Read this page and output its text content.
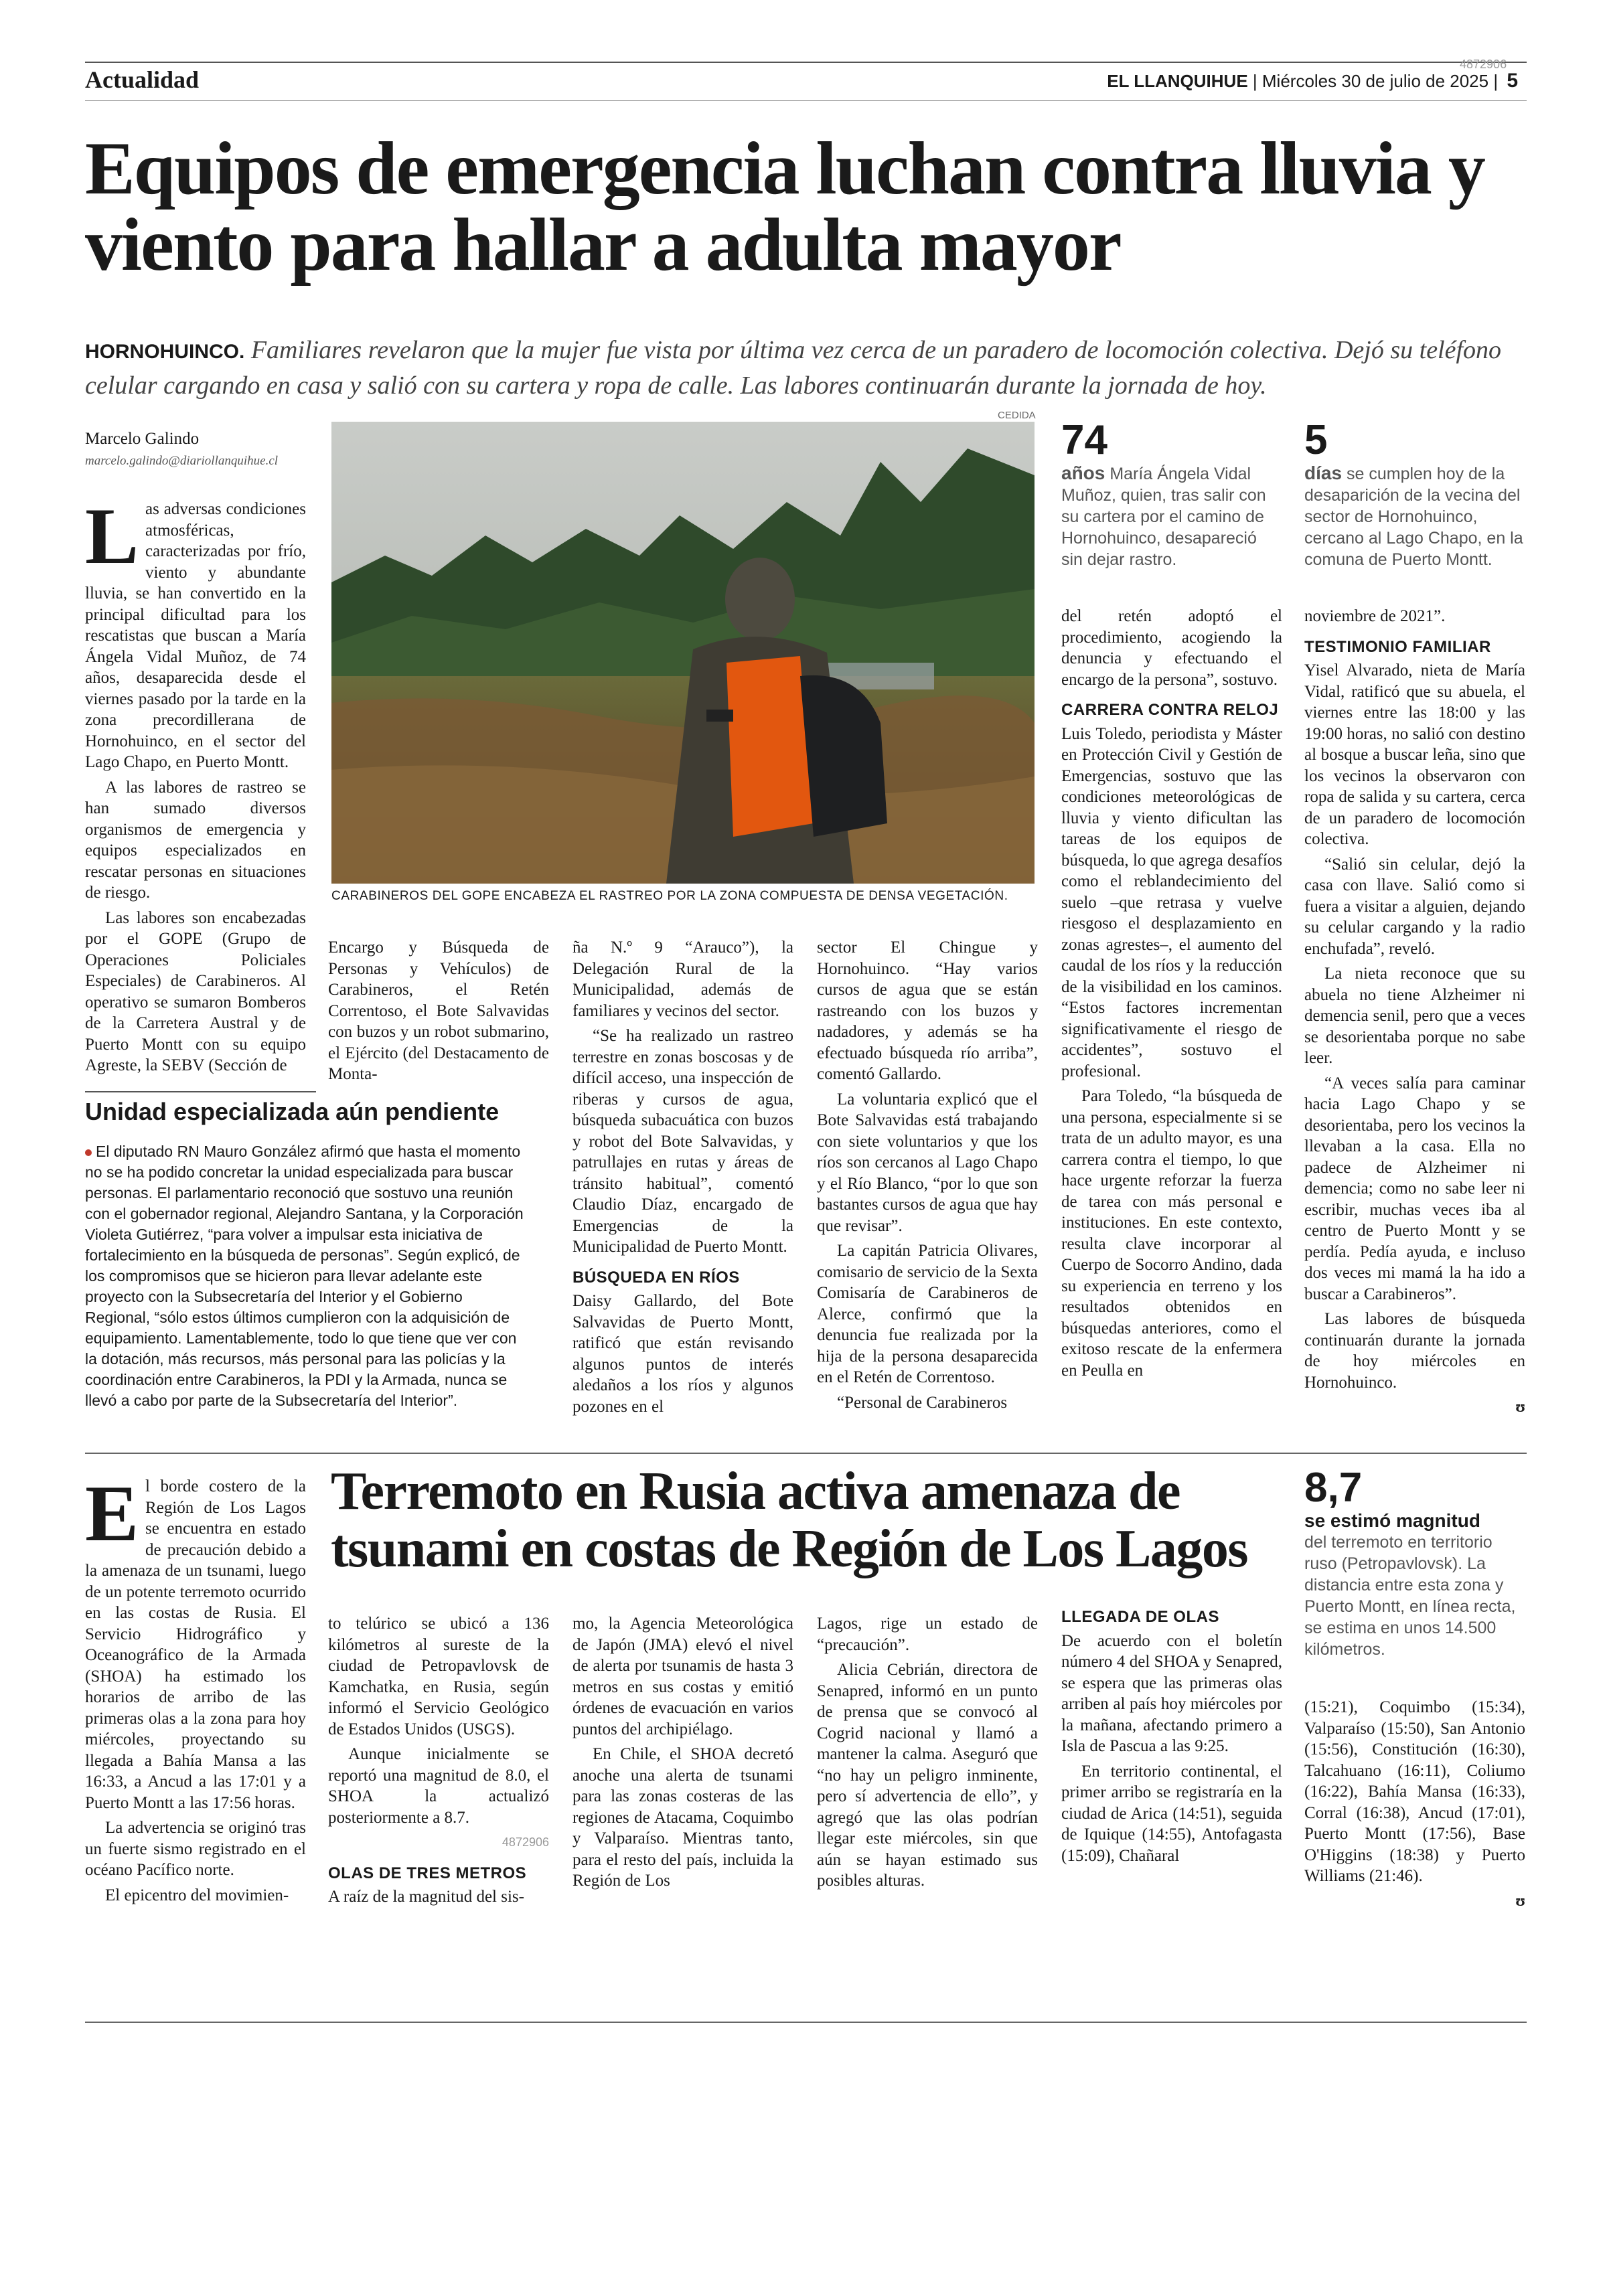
Actualidad	EL LLANQUIHUE | Miércoles 30 de julio de 2025 | 5
4872906
Equipos de emergencia luchan contra lluvia y viento para hallar a adulta mayor
HORNOHUINCO. Familiares revelaron que la mujer fue vista por última vez cerca de un paradero de locomoción colectiva. Dejó su teléfono celular cargando en casa y salió con su cartera y ropa de calle. Las labores continuarán durante la jornada de hoy.
Marcelo Galindo
marcelo.galindo@diariollanquihue.cl
L as adversas condiciones atmosféricas, caracterizadas por frío, viento y abundante lluvia, se han convertido en la principal dificultad para los rescatistas que buscan a María Ángela Vidal Muñoz, de 74 años, desaparecida desde el viernes pasado por la tarde en la zona precordillerana de Hornohuinco, en el sector del Lago Chapo, en Puerto Montt.

A las labores de rastreo se han sumado diversos organismos de emergencia y equipos especializados en rescatar personas en situaciones de riesgo.

Las labores son encabezadas por el GOPE (Grupo de Operaciones Policiales Especiales) de Carabineros. Al operativo se sumaron Bomberos de la Carretera Austral y de Puerto Montt con su equipo Agreste, la SEBV (Sección de

CEDIDA
CARABINEROS DEL GOPE ENCABEZA EL RASTREO POR LA ZONA COMPUESTA DE DENSA VEGETACIÓN.
74
años María Ángela Vidal Muñoz, quien, tras salir con su cartera por el camino de Hornohuinco, desapareció sin dejar rastro.
5
días se cumplen hoy de la desaparición de la vecina del sector de Hornohuinco, cercano al Lago Chapo, en la comuna de Puerto Montt.

Encargo y Búsqueda de Personas y Vehículos) de Carabineros, el Retén Correntoso, el Bote Salvavidas con buzos y un robot submarino, el Ejército (del Destacamento de Monta-

ña N.º 9 “Arauco”), la Delegación Rural de la Municipalidad, además de familiares y vecinos del sector.

“Se ha realizado un rastreo terrestre en zonas boscosas y de difícil acceso, una inspección de riberas y cursos de agua, búsqueda subacuática con buzos y robot del Bote Salvavidas, y patrullajes en rutas y áreas de tránsito habitual”, comentó Claudio Díaz, encargado de Emergencias de la Municipalidad de Puerto Montt.

BÚSQUEDA EN RÍOS

Daisy Gallardo, del Bote Salvavidas de Puerto Montt, ratificó que están revisando algunos puntos de interés aledaños a los ríos y algunos pozones en el

sector El Chingue y Hornohuinco. “Hay varios cursos de agua que se están rastreando con los buzos y nadadores, y además se ha efectuado búsqueda río arriba”, comentó Gallardo.

La voluntaria explicó que el Bote Salvavidas está trabajando con siete voluntarios y que los ríos son cercanos al Lago Chapo y el Río Blanco, “por lo que son bastantes cursos de agua que hay que revisar”.

La capitán Patricia Olivares, comisario de servicio de la Sexta Comisaría de Carabineros de Alerce, confirmó que la denuncia fue realizada por la hija de la persona desaparecida en el Retén de Correntoso.

“Personal de Carabineros

del retén adoptó el procedimiento, acogiendo la denuncia y efectuando el encargo de la persona”, sostuvo.

CARRERA CONTRA RELOJ

Luis Toledo, periodista y Máster en Protección Civil y Gestión de Emergencias, sostuvo que las condiciones meteorológicas de lluvia y viento dificultan las tareas de los equipos de búsqueda, lo que agrega desafíos como el reblandecimiento del suelo –que retrasa y vuelve riesgoso el desplazamiento en zonas agrestes–, el aumento del caudal de los ríos y la reducción de la visibilidad en los caminos. “Estos factores incrementan significativamente el riesgo de accidentes”, sostuvo el profesional.

Para Toledo, “la búsqueda de una persona, especialmente si se trata de un adulto mayor, es una carrera contra el tiempo, lo que hace urgente reforzar la fuerza de tarea con más personal e instituciones. En este contexto, resulta clave incorporar al Cuerpo de Socorro Andino, dada su experiencia en terreno y los resultados obtenidos en búsquedas anteriores, como el exitoso rescate de la enfermera en Peulla en

noviembre de 2021”.

TESTIMONIO FAMILIAR

Yisel Alvarado, nieta de María Vidal, ratificó que su abuela, el viernes entre las 18:00 y las 19:00 horas, no salió con destino al bosque a buscar leña, sino que los vecinos la observaron con ropa de salida y su cartera, cerca de un paradero de locomoción colectiva.

“Salió sin celular, dejó la casa con llave. Salió como si fuera a visitar a alguien, dejando su celular cargando y la radio enchufada”, reveló.

La nieta reconoce que su abuela no tiene Alzheimer ni demencia senil, pero que a veces se desorientaba porque no sabe leer.

“A veces salía para caminar hacia Lago Chapo y se desorientaba, pero los vecinos la llevaban a la casa. Ella no padece de Alzheimer ni demencia; como no sabe leer ni escribir, muchas veces iba al centro de Puerto Montt y se perdía. Pedía ayuda, e incluso dos veces mi mamá la ha ido a buscar a Carabineros”.

Las labores de búsqueda continuarán durante la jornada de hoy miércoles en Hornohuinco.

ʊ
Unidad especializada aún pendiente
El diputado RN Mauro González afirmó que hasta el momento no se ha podido concretar la unidad especializada para buscar personas. El parlamentario reconoció que sostuvo una reunión con el gobernador regional, Alejandro Santana, y la Corporación Violeta Gutiérrez, “para volver a impulsar esta iniciativa de fortalecimiento en la búsqueda de personas”. Según explicó, de los compromisos que se hicieron para llevar adelante este proyecto con la Subsecretaría del Interior y el Gobierno Regional, “sólo estos últimos cumplieron con la adquisición de equipamiento. Lamentablemente, todo lo que tiene que ver con la dotación, más recursos, más personal para las policías y la coordinación entre Carabineros, la PDI y la Armada, nunca se llevó a cabo por parte de la Subsecretaría del Interior”.
Terremoto en Rusia activa amenaza de tsunami en costas de Región de Los Lagos
8,7
se estimó magnitud
del terremoto en territorio ruso (Petropavlovsk). La distancia entre esta zona y Puerto Montt, en línea recta, se estima en unos 14.500 kilómetros.
E l borde costero de la Región de Los Lagos se encuentra en estado de precaución debido a la amenaza de un tsunami, luego de un potente terremoto ocurrido en las costas de Rusia. El Servicio Hidrográfico y Oceanográfico de la Armada (SHOA) ha estimado los horarios de arribo de las primeras olas a la zona para hoy miércoles, proyectando su llegada a Bahía Mansa a las 16:33, a Ancud a las 17:01 y a Puerto Montt a las 17:56 horas.

La advertencia se originó tras un fuerte sismo registrado en el océano Pacífico norte.

El epicentro del movimien-

to telúrico se ubicó a 136 kilómetros al sureste de la ciudad de Petropavlovsk de Kamchatka, en Rusia, según informó el Servicio Geológico de Estados Unidos (USGS).

Aunque inicialmente se reportó una magnitud de 8.0, el SHOA la actualizó posteriormente a 8.7.

4872906
OLAS DE TRES METROS

A raíz de la magnitud del sis-

mo, la Agencia Meteorológica de Japón (JMA) elevó el nivel de alerta por tsunamis de hasta 3 metros en sus costas y emitió órdenes de evacuación en varios puntos del archipiélago.

En Chile, el SHOA decretó anoche una alerta de tsunami para las zonas costeras de las regiones de Atacama, Coquimbo y Valparaíso. Mientras tanto, para el resto del país, incluida la Región de Los

Lagos, rige un estado de “precaución”.

Alicia Cebrián, directora de Senapred, informó en un punto de prensa que se convocó al Cogrid nacional y llamó a mantener la calma. Aseguró que “no hay un peligro inminente, pero sí advertencia de ello”, y agregó que las olas podrían llegar este miércoles, sin que aún se hayan estimado sus posibles alturas.

LLEGADA DE OLAS

De acuerdo con el boletín número 4 del SHOA y Senapred, se espera que las primeras olas arriben al país hoy miércoles por la mañana, afectando primero a Isla de Pascua a las 9:25.

En territorio continental, el primer arribo se registraría en la ciudad de Arica (14:51), seguida de Iquique (14:55), Antofagasta (15:09), Chañaral

(15:21), Coquimbo (15:34), Valparaíso (15:50), San Antonio (15:56), Constitución (16:30), Talcahuano (16:11), Coliumo (16:22), Bahía Mansa (16:33), Corral (16:38), Ancud (17:01), Puerto Montt (17:56), Base O'Higgins (18:38) y Puerto Williams (21:46).

ʊ
